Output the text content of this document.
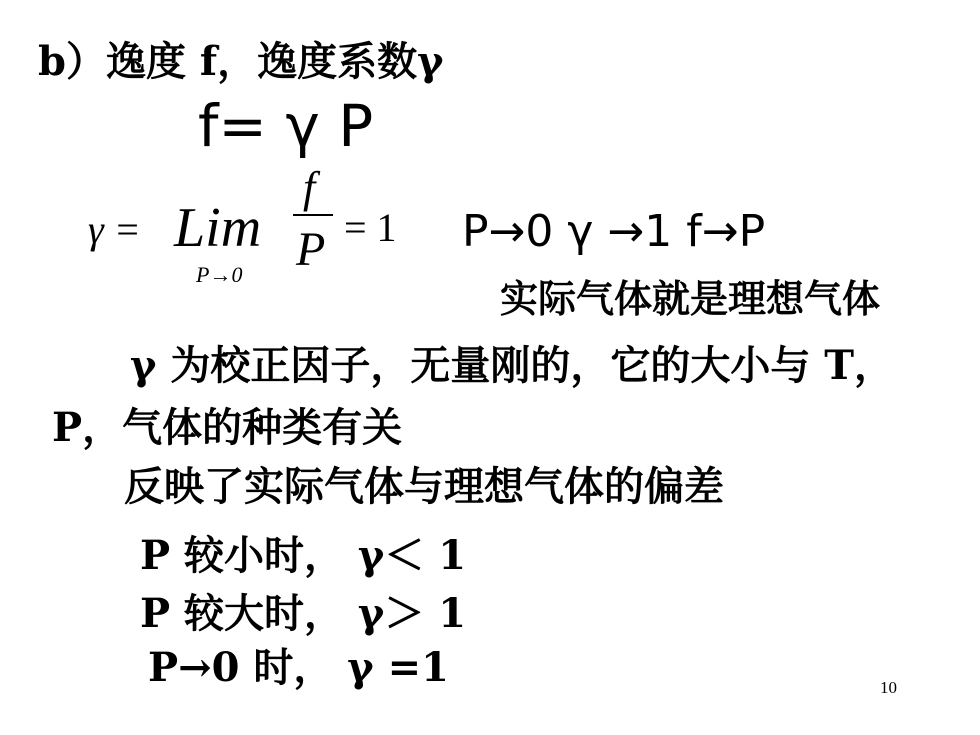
b）逸度 f，逸度系数γ
f= γ P
γ = Lim
P→0
f
P = 1 P→0 γ →1 f→P
实际气体就是理想气体
γ 为校正因子，无量刚的，它的大小与 T，
P，气体的种类有关
反映了实际气体与理想气体的偏差
P 较小时， γ＜ 1
P 较大时， γ＞ 1
P→0 时， γ =1	10
